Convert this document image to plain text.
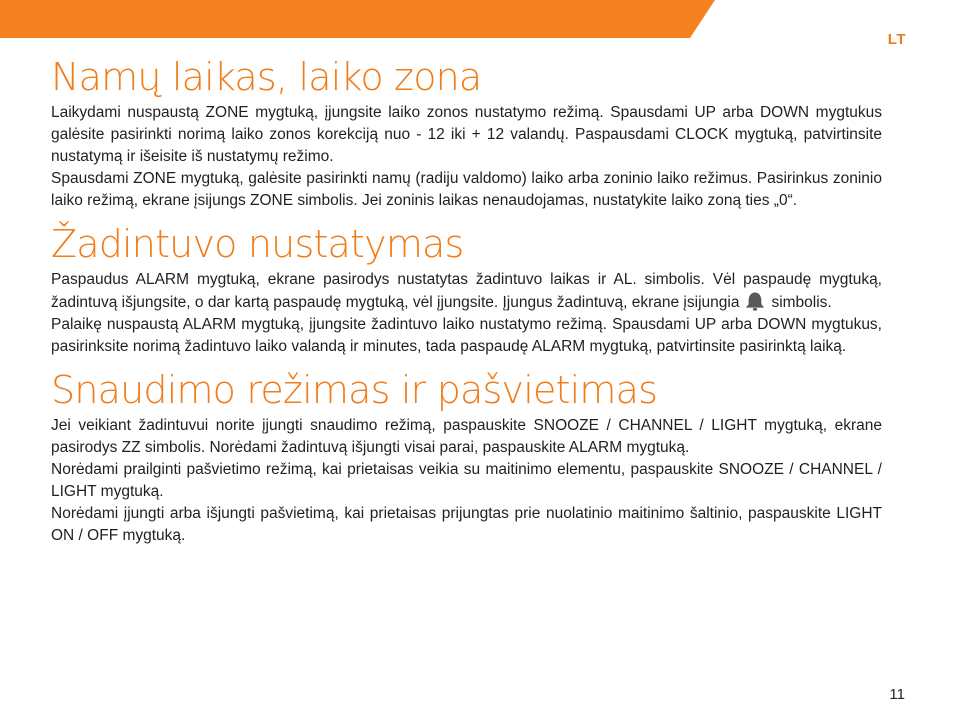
LT
Namų laikas, laiko zona

Laikydami nuspaustą ZONE mygtuką, įjungsite laiko zonos nustatymo režimą. Spausdami UP arba DOWN mygtukus galėsite pasirinkti norimą laiko zonos korekciją nuo - 12 iki + 12 valandų. Paspausdami CLOCK mygtuką, patvirtinsite nustatymą ir išeisite iš nustatymų režimo.

Spausdami ZONE mygtuką, galėsite pasirinkti namų (radiju valdomo) laiko arba zoninio laiko režimus. Pasirinkus zoninio laiko režimą, ekrane įsijungs ZONE simbolis. Jei zoninis laikas nenaudojamas, nustatykite laiko zoną ties „0“.

Žadintuvo nustatymas

Paspaudus ALARM mygtuką, ekrane pasirodys nustatytas žadintuvo laikas ir AL. simbolis. Vėl paspaudę mygtuką, žadintuvą išjungsite, o dar kartą paspaudę mygtuką, vėl įjungsite. Įjungus žadintuvą, ekrane įsijungia simbolis.

Palaikę nuspaustą ALARM mygtuką, įjungsite žadintuvo laiko nustatymo režimą. Spausdami UP arba DOWN mygtukus, pasirinksite norimą žadintuvo laiko valandą ir minutes, tada paspaudę ALARM mygtuką, patvirtinsite pasirinktą laiką.

Snaudimo režimas ir pašvietimas

Jei veikiant žadintuvui norite įjungti snaudimo režimą, paspauskite SNOOZE / CHANNEL / LIGHT mygtuką, ekrane pasirodys ZZ simbolis. Norėdami žadintuvą išjungti visai parai, paspauskite ALARM mygtuką.

Norėdami prailginti pašvietimo režimą, kai prietaisas veikia su maitinimo elementu, paspauskite SNOOZE / CHANNEL / LIGHT mygtuką.

Norėdami įjungti arba išjungti pašvietimą, kai prietaisas prijungtas prie nuolatinio maitinimo šaltinio, paspauskite LIGHT ON / OFF mygtuką.

11
